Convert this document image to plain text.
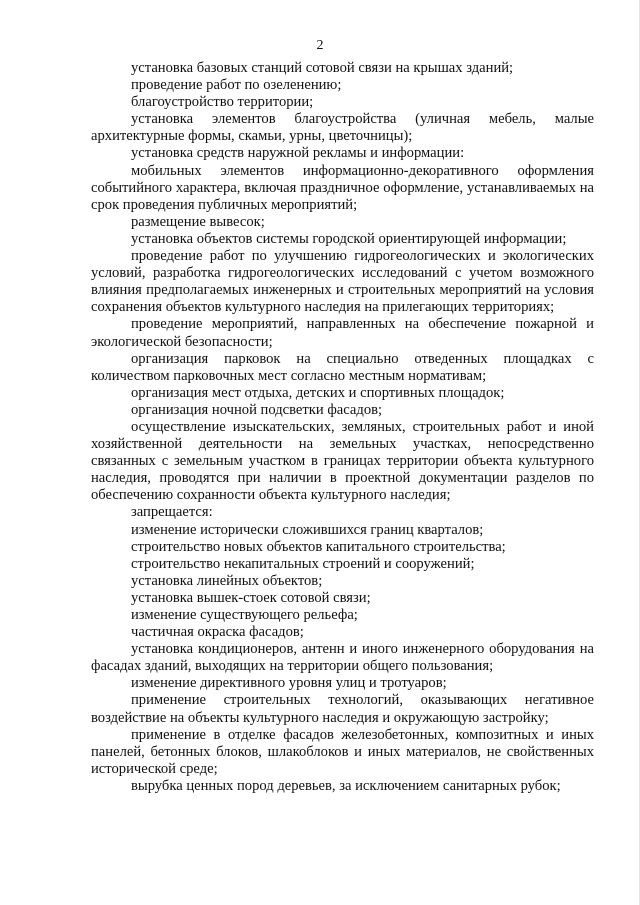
2

установка базовых станций сотовой связи на крышах зданий;

проведение работ по озеленению;

благоустройство территории;

установка элементов благоустройства (уличная мебель, малые архитектурные формы, скамьи, урны, цветочницы);

установка средств наружной рекламы и информации:

мобильных элементов информационно-декоративного оформления событийного характера, включая праздничное оформление, устанавливаемых на срок проведения публичных мероприятий;

размещение вывесок;

установка объектов системы городской ориентирующей информации;

проведение работ по улучшению гидрогеологических и экологических условий, разработка гидрогеологических исследований с учетом возможного влияния предполагаемых инженерных и строительных мероприятий на условия сохранения объектов культурного наследия на прилегающих территориях;

проведение мероприятий, направленных на обеспечение пожарной и экологической безопасности;

организация парковок на специально отведенных площадках с количеством парковочных мест согласно местным нормативам;

организация мест отдыха, детских и спортивных площадок;

организация ночной подсветки фасадов;

осуществление изыскательских, земляных, строительных работ и иной хозяйственной деятельности на земельных участках, непосредственно связанных с земельным участком в границах территории объекта культурного наследия, проводятся при наличии в проектной документации разделов по обеспечению сохранности объекта культурного наследия;

запрещается:

изменение исторически сложившихся границ кварталов;

строительство новых объектов капитального строительства;

строительство некапитальных строений и сооружений;

установка линейных объектов;

установка вышек-стоек сотовой связи;

изменение существующего рельефа;

частичная окраска фасадов;

установка кондиционеров, антенн и иного инженерного оборудования на фасадах зданий, выходящих на территории общего пользования;

изменение директивного уровня улиц и тротуаров;

применение строительных технологий, оказывающих негативное воздействие на объекты культурного наследия и окружающую застройку;

применение в отделке фасадов железобетонных, композитных и иных панелей, бетонных блоков, шлакоблоков и иных материалов, не свойственных исторической среде;

вырубка ценных пород деревьев, за исключением санитарных рубок;
